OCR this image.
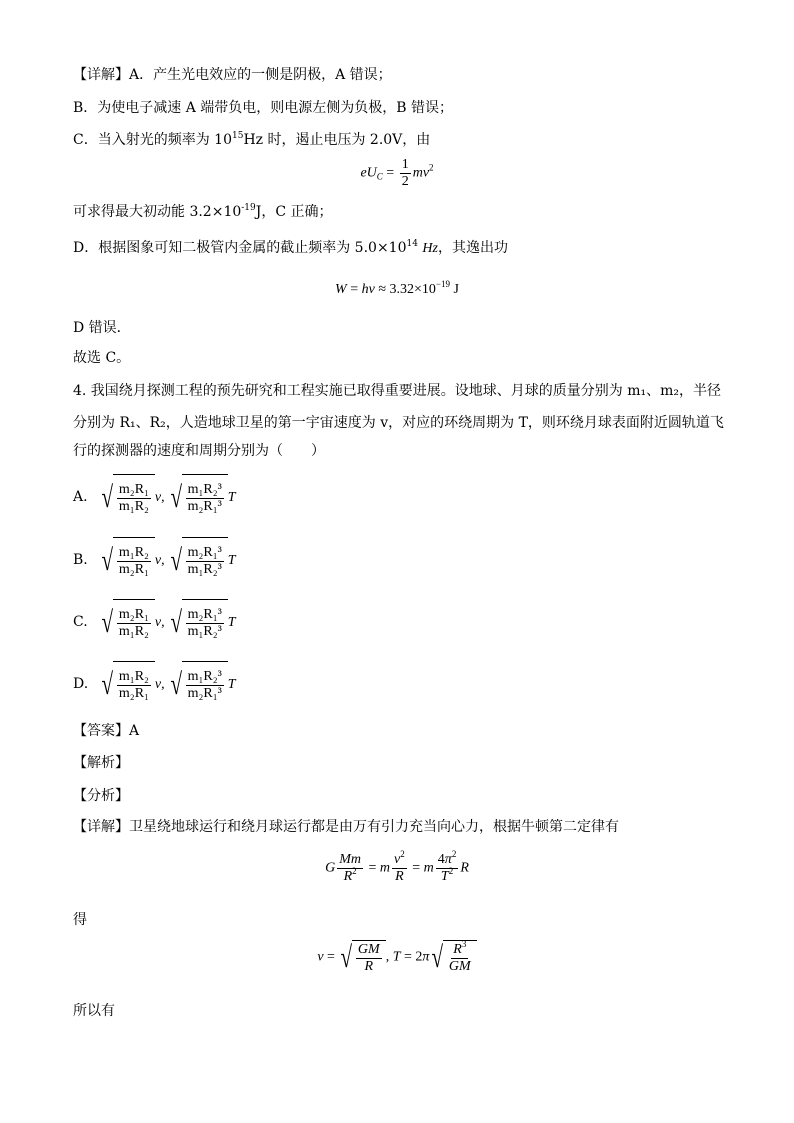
【详解】A．产生光电效应的一侧是阴极，A 错误；
B．为使电子减速 A 端带负电，则电源左侧为负极，B 错误；
C．当入射光的频率为 $10^{15}Hz$ 时，遏止电压为 2.0V，由
$eU_C = \frac{1}{2} mv^2$
可求得最大初动能 $3.2\times 10^{-19}J$，C 正确；
D．根据图象可知二极管内金属的截止频率为 $5.0\times 10^{14}$ Hz，其逸出功
$W = h\nu \approx 3.32\times 10^{-19}$ J
D 错误．
故选 C。
4. 我国绕月探测工程的预先研究和工程实施已取得重要进展。设地球、月球的质量分别为 m₁、m₂，半径
分别为 R₁、R₂，人造地球卫星的第一宇宙速度为 v，对应的环绕周期为 T，则环绕月球表面附近圆轨道飞
行的探测器的速度和周期分别为（　　）
A. √ $\frac{\text{m₂R₁}}{\text{m₁R₂}} v$, √ $\frac{\text{m₁R₂³}}{\text{m₂R₁³}}$ T
B. √ $\frac{\text{m₁R₂}}{\text{m₂R₁}} v$, √ $\frac{\text{m₂R₁³}}{\text{m₁R₂³}}$ T
C. √ $\frac{\text{m₂R₁}}{\text{m₁R₂}} v$, √ $\frac{\text{m₂R₁³}}{\text{m₁R₂³}}$ T
D. √ $\frac{\text{m₁R₂}}{\text{m₂R₁}} v$, √ $\frac{\text{m₁R₂³}}{\text{m₂R₁³}}$ T
【答案】A
【解析】
【分析】
【详解】卫星绕地球运行和绕月球运行都是由万有引力充当向心力，根据牛顿第二定律有
G $\frac{Mm}{R^2} = m \frac{v^2}{R} = m \frac{4\pi^2}{T^2}$ R
得
v = √ $\frac{GM}{R}$ , T = 2π √ $\frac{R^3}{GM}$
所以有
